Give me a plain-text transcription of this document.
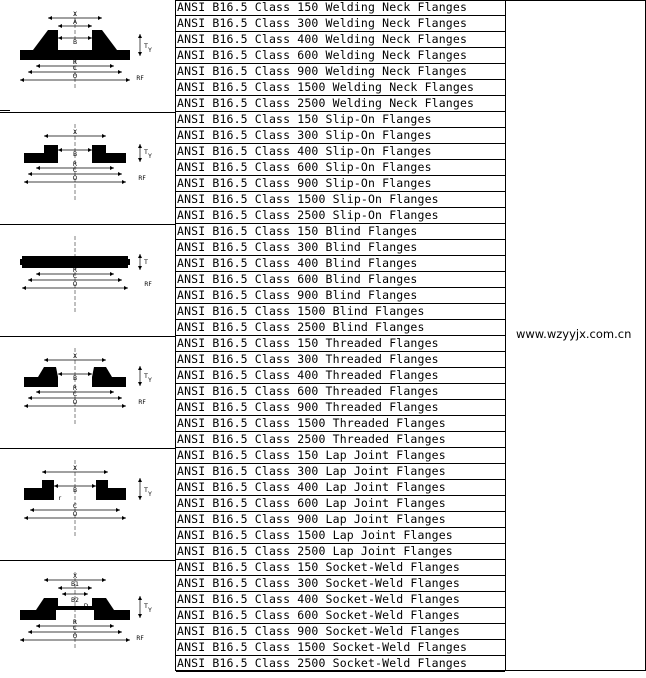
X
A
B
T
Y
R
C
O	RF
ANSI B16.5 Class 150 Welding Neck Flanges
ANSI B16.5 Class 300 Welding Neck Flanges
ANSI B16.5 Class 400 Welding Neck Flanges
ANSI B16.5 Class 600 Welding Neck Flanges
ANSI B16.5 Class 900 Welding Neck Flanges
ANSI B16.5 Class 1500 Welding Neck Flanges
ANSI B16.5 Class 2500 Welding Neck Flanges
X
B	T
Y
R
C
O	RF
ANSI B16.5 Class 150 Slip-On Flanges
ANSI B16.5 Class 300 Slip-On Flanges
ANSI B16.5 Class 400 Slip-On Flanges
ANSI B16.5 Class 600 Slip-On Flanges
ANSI B16.5 Class 900 Slip-On Flanges
ANSI B16.5 Class 1500 Slip-On Flanges
ANSI B16.5 Class 2500 Slip-On Flanges
T
R
C
O	RF
ANSI B16.5 Class 150 Blind Flanges
ANSI B16.5 Class 300 Blind Flanges
ANSI B16.5 Class 400 Blind Flanges
ANSI B16.5 Class 600 Blind Flanges
ANSI B16.5 Class 900 Blind Flanges
ANSI B16.5 Class 1500 Blind Flanges
ANSI B16.5 Class 2500 Blind Flanges
X
B	T
Y
R
C
O	RF
ANSI B16.5 Class 150 Threaded Flanges
ANSI B16.5 Class 300 Threaded Flanges
ANSI B16.5 Class 400 Threaded Flanges
ANSI B16.5 Class 600 Threaded Flanges
ANSI B16.5 Class 900 Threaded Flanges
ANSI B16.5 Class 1500 Threaded Flanges
ANSI B16.5 Class 2500 Threaded Flanges
X
B	T
Y
C
O
r
ANSI B16.5 Class 150 Lap Joint Flanges
ANSI B16.5 Class 300 Lap Joint Flanges
ANSI B16.5 Class 400 Lap Joint Flanges
ANSI B16.5 Class 600 Lap Joint Flanges
ANSI B16.5 Class 900 Lap Joint Flanges
ANSI B16.5 Class 1500 Lap Joint Flanges
ANSI B16.5 Class 2500 Lap Joint Flanges
X
B1
B2
T
Y
D
R
C
O	RF
ANSI B16.5 Class 150 Socket-Weld Flanges
ANSI B16.5 Class 300 Socket-Weld Flanges
ANSI B16.5 Class 400 Socket-Weld Flanges
ANSI B16.5 Class 600 Socket-Weld Flanges
ANSI B16.5 Class 900 Socket-Weld Flanges
ANSI B16.5 Class 1500 Socket-Weld Flanges
ANSI B16.5 Class 2500 Socket-Weld Flanges
www.wzyyjx.com.cn
